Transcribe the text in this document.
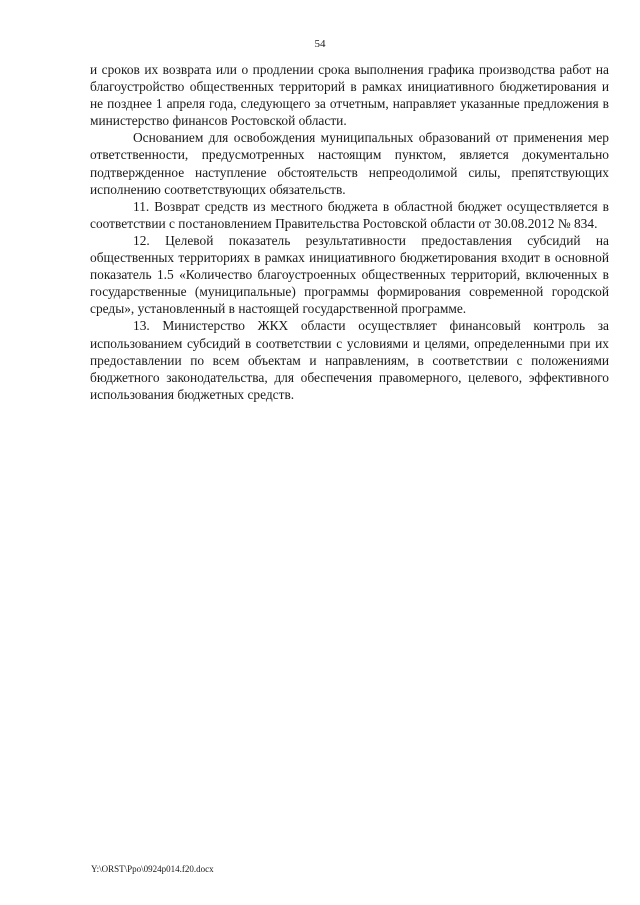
54

и сроков их возврата или о продлении срока выполнения графика производства работ на благоустройство общественных территорий в рамках инициативного бюджетирования и не позднее 1 апреля года, следующего за отчетным, направляет указанные предложения в министерство финансов Ростовской области.

Основанием для освобождения муниципальных образований от применения мер ответственности, предусмотренных настоящим пунктом, является документально подтвержденное наступление обстоятельств непреодолимой силы, препятствующих исполнению соответствующих обязательств.

11. Возврат средств из местного бюджета в областной бюджет осуществляется в соответствии с постановлением Правительства Ростовской области от 30.08.2012 № 834.

12. Целевой показатель результативности предоставления субсидий на общественных территориях в рамках инициативного бюджетирования входит в основной показатель 1.5 «Количество благоустроенных общественных территорий, включенных в государственные (муниципальные) программы формирования современной городской среды», установленный в настоящей государственной программе.

13. Министерство ЖКХ области осуществляет финансовый контроль за использованием субсидий в соответствии с условиями и целями, определенными при их предоставлении по всем объектам и направлениям, в соответствии с положениями бюджетного законодательства, для обеспечения правомерного, целевого, эффективного использования бюджетных средств.

Y:\ORST\Ppo\0924p014.f20.docx
